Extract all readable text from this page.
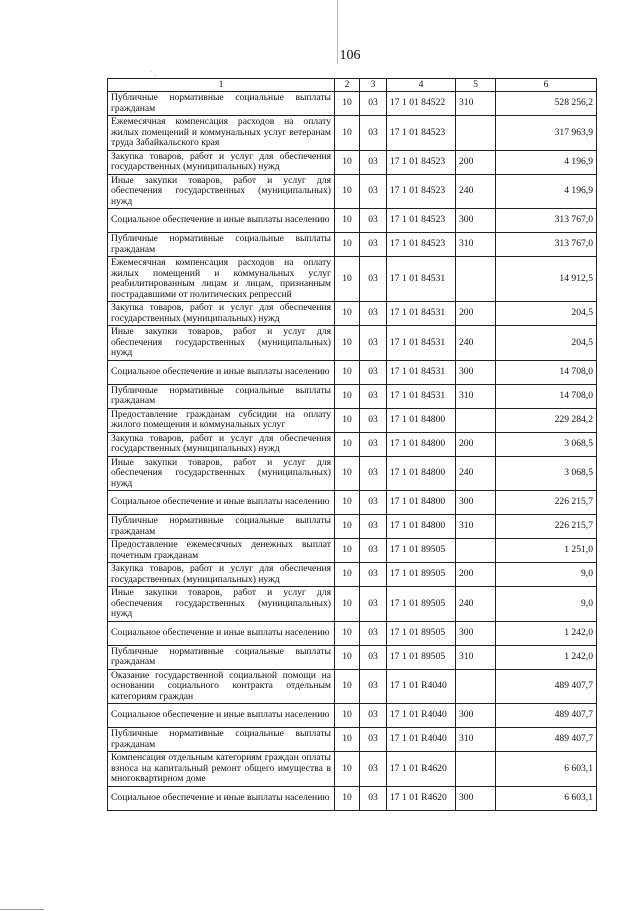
106
` .
1	2	3	4	5	6
Публичные нормативные социальные выплаты гражданам	10	03	17 1 01 84522	310	528 256,2
Ежемесячная компенсация расходов на оплату жилых помещений и коммунальных услуг ветеранам труда Забайкальского края	10	03	17 1 01 84523		317 963,9
Закупка товаров, работ и услуг для обеспечения государственных (муниципальных) нужд	10	03	17 1 01 84523	200	4 196,9
Иные закупки товаров, работ и услуг для обеспечения государственных (муниципальных) нужд	10	03	17 1 01 84523	240	4 196,9
Социальное обеспечение и иные выплаты населению	10	03	17 1 01 84523	300	313 767,0
Публичные нормативные социальные выплаты гражданам	10	03	17 1 01 84523	310	313 767,0
Ежемесячная компенсация расходов на оплату жилых помещений и коммунальных услуг реабилитированным лицам и лицам, признанным пострадавшими от политических репрессий	10	03	17 1 01 84531		14 912,5
Закупка товаров, работ и услуг для обеспечения государственных (муниципальных) нужд	10	03	17 1 01 84531	200	204,5
Иные закупки товаров, работ и услуг для обеспечения государственных (муниципальных) нужд	10	03	17 1 01 84531	240	204,5
Социальное обеспечение и иные выплаты населению	10	03	17 1 01 84531	300	14 708,0
Публичные нормативные социальные выплаты гражданам	10	03	17 1 01 84531	310	14 708,0
Предоставление гражданам субсидии на оплату жилого помещения и коммунальных услуг	10	03	17 1 01 84800		229 284,2
Закупка товаров, работ и услуг для обеспечения государственных (муниципальных) нужд	10	03	17 1 01 84800	200	3 068,5
Иные закупки товаров, работ и услуг для обеспечения государственных (муниципальных) нужд	10	03	17 1 01 84800	240	3 068,5
Социальное обеспечение и иные выплаты населению	10	03	17 1 01 84800	300	226 215,7
Публичные нормативные социальные выплаты гражданам	10	03	17 1 01 84800	310	226 215,7
Предоставление ежемесячных денежных выплат почетным гражданам	10	03	17 1 01 89505		1 251,0
Закупка товаров, работ и услуг для обеспечения государственных (муниципальных) нужд	10	03	17 1 01 89505	200	9,0
Иные закупки товаров, работ и услуг для обеспечения государственных (муниципальных) нужд	10	03	17 1 01 89505	240	9,0
Социальное обеспечение и иные выплаты населению	10	03	17 1 01 89505	300	1 242,0
Публичные нормативные социальные выплаты гражданам	10	03	17 1 01 89505	310	1 242,0
Оказание государственной социальной помощи на основании социального контракта отдельным категориям граждан	10	03	17 1 01 R4040		489 407,7
Социальное обеспечение и иные выплаты населению	10	03	17 1 01 R4040	300	489 407,7
Публичные нормативные социальные выплаты гражданам	10	03	17 1 01 R4040	310	489 407,7
Компенсация отдельным категориям граждан оплаты взноса на капитальный ремонт общего имущества в многоквартирном доме	10	03	17 1 01 R4620		6 603,1
Социальное обеспечение и иные выплаты населению	10	03	17 1 01 R4620	300	6 603,1
